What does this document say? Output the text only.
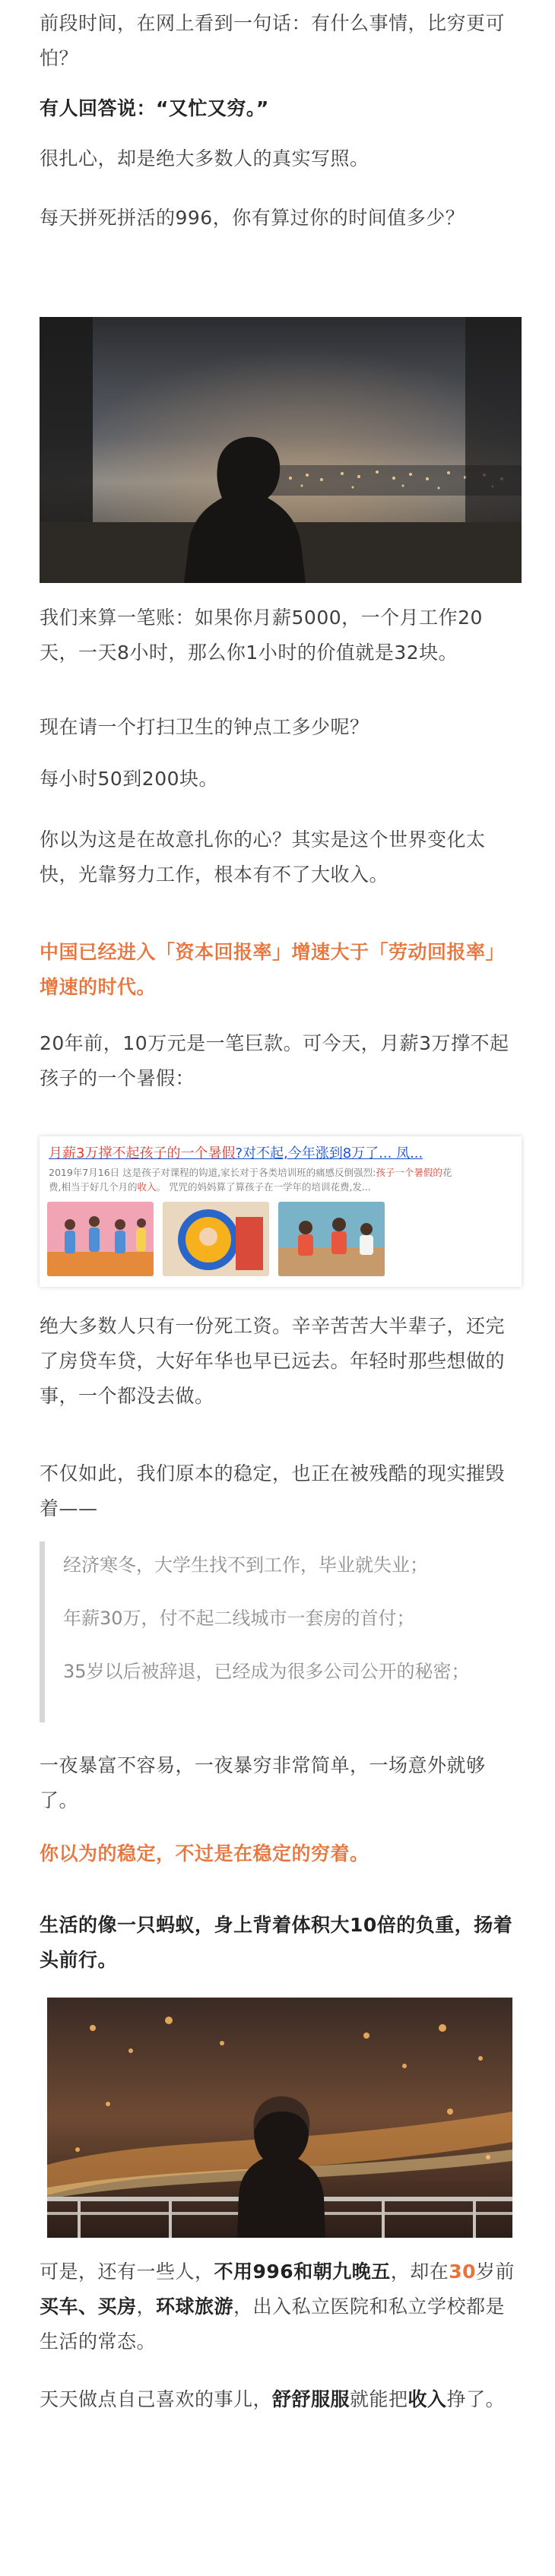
前段时间，在网上看到一句话：有什么事情，比穷更可怕？

有人回答说：“又忙又穷。”

很扎心，却是绝大多数人的真实写照。

每天拼死拼活的996，你有算过你的时间值多少？

我们来算一笔账：如果你月薪5000，一个月工作20天，一天8小时，那么你1小时的价值就是32块。

现在请一个打扫卫生的钟点工多少呢？

每小时50到200块。

你以为这是在故意扎你的心？其实是这个世界变化太快，光靠努力工作，根本有不了大收入。

中国已经进入「资本回报率」增速大于「劳动回报率」增速的时代。

20年前，10万元是一笔巨款。可今天，月薪3万撑不起孩子的一个暑假：

月薪3万撑不起孩子的一个暑假?对不起,今年涨到8万了... 凤...
2019年7月16日 这是孩子对课程的钩道,家长对于各类培训班的痛感反倒强烈:孩子一个暑假的花
费,相当于好几个月的收入。 咒咒的妈妈算了算孩子在一学年的培训花费,发...

绝大多数人只有一份死工资。辛辛苦苦大半辈子，还完了房贷车贷，大好年华也早已远去。年轻时那些想做的事，一个都没去做。

不仅如此，我们原本的稳定，也正在被残酷的现实摧毁着——

经济寒冬，大学生找不到工作，毕业就失业；

年薪30万，付不起二线城市一套房的首付；

35岁以后被辞退，已经成为很多公司公开的秘密；

一夜暴富不容易，一夜暴穷非常简单，一场意外就够了。

你以为的稳定，不过是在稳定的穷着。

生活的像一只蚂蚁，身上背着体积大10倍的负重，扬着头前行。

可是，还有一些人，不用996和朝九晚五，却在30岁前买车、买房，环球旅游，出入私立医院和私立学校都是生活的常态。

天天做点自己喜欢的事儿，舒舒服服就能把收入挣了。
